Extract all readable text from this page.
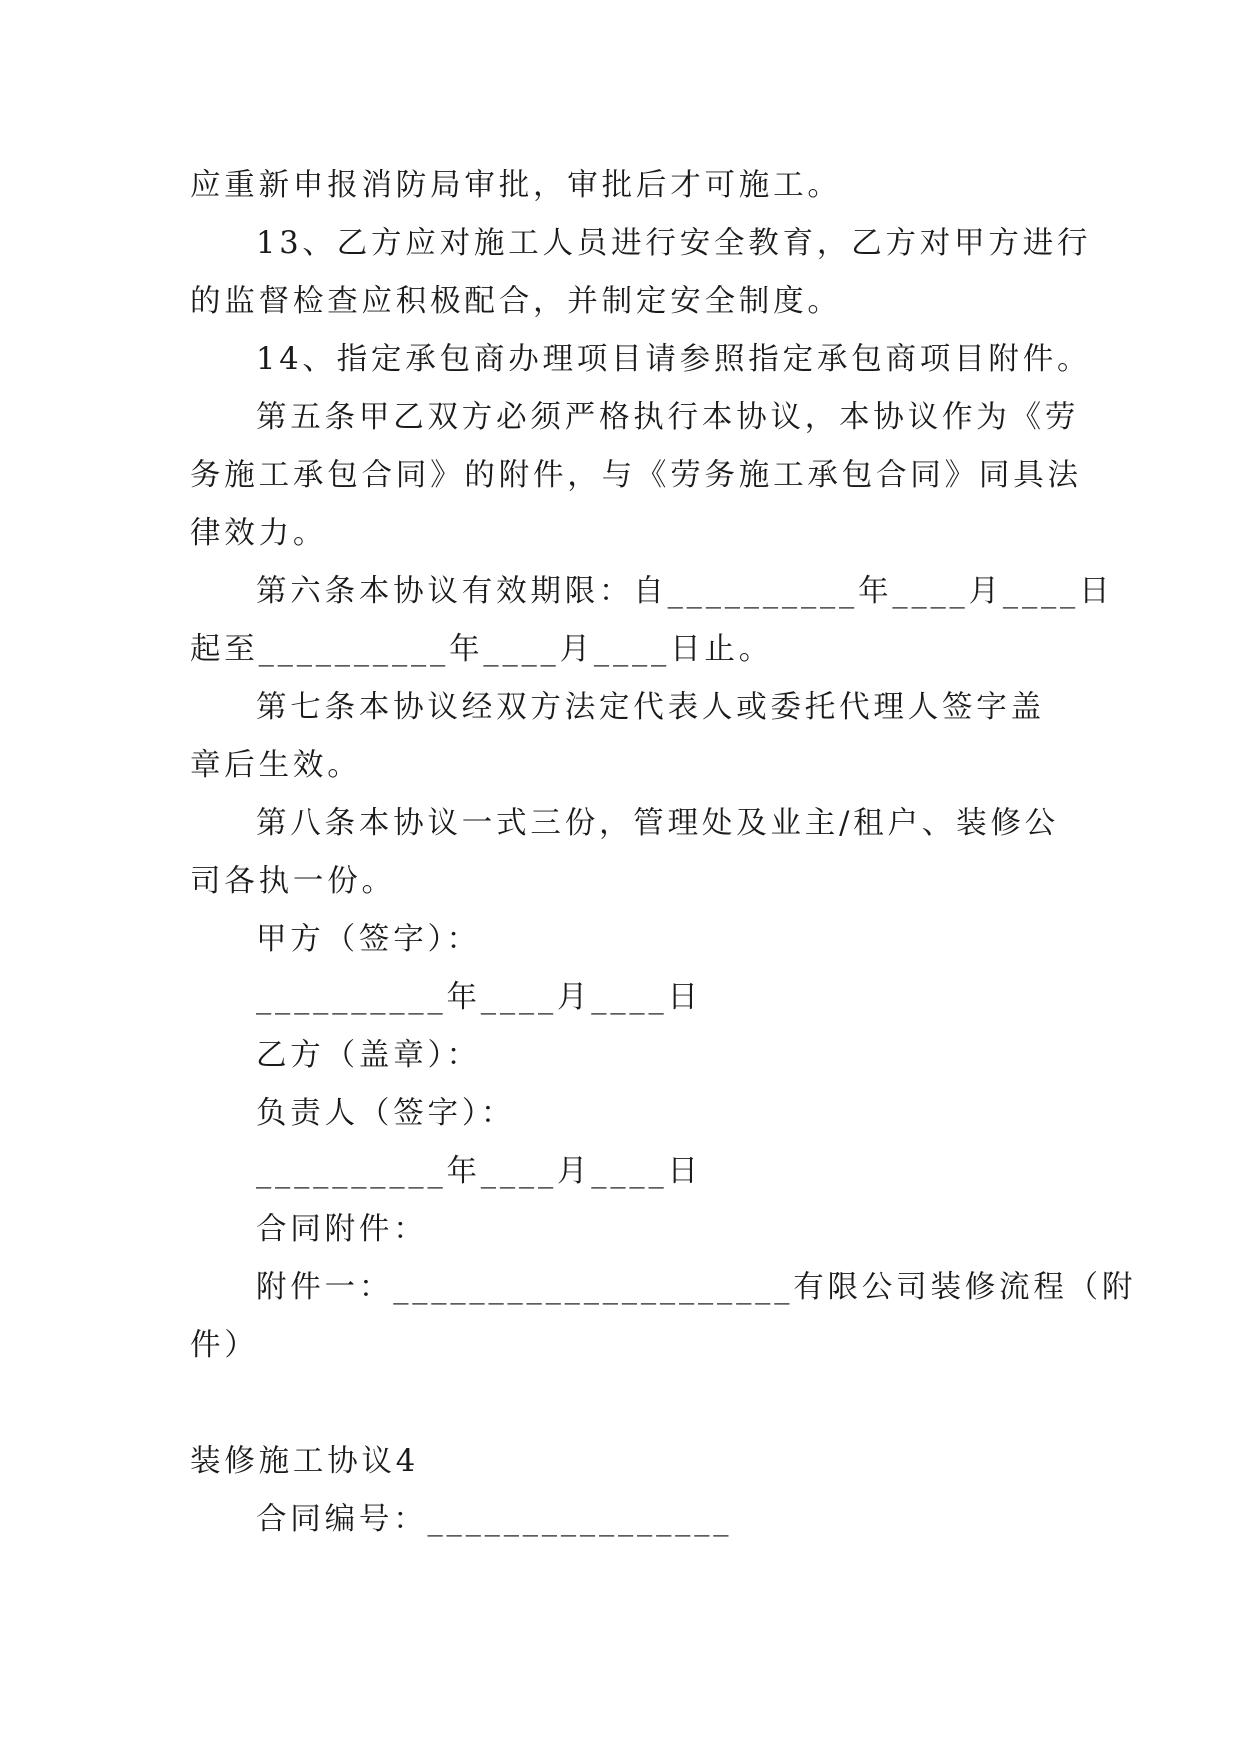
应重新申报消防局审批，审批后才可施工。
13、乙方应对施工人员进行安全教育，乙方对甲方进行
的监督检查应积极配合，并制定安全制度。
14、指定承包商办理项目请参照指定承包商项目附件。
第五条甲乙双方必须严格执行本协议，本协议作为《劳
务施工承包合同》的附件，与《劳务施工承包合同》同具法
律效力。
第六条本协议有效期限：自__________年____月____日
起至__________年____月____日止。
第七条本协议经双方法定代表人或委托代理人签字盖
章后生效。
第八条本协议一式三份，管理处及业主/租户、装修公
司各执一份。
甲方（签字）：
__________年____月____日
乙方（盖章）：
负责人（签字）：
__________年____月____日
合同附件：
附件一：_____________________有限公司装修流程（附
件）
装修施工协议4
合同编号：________________
